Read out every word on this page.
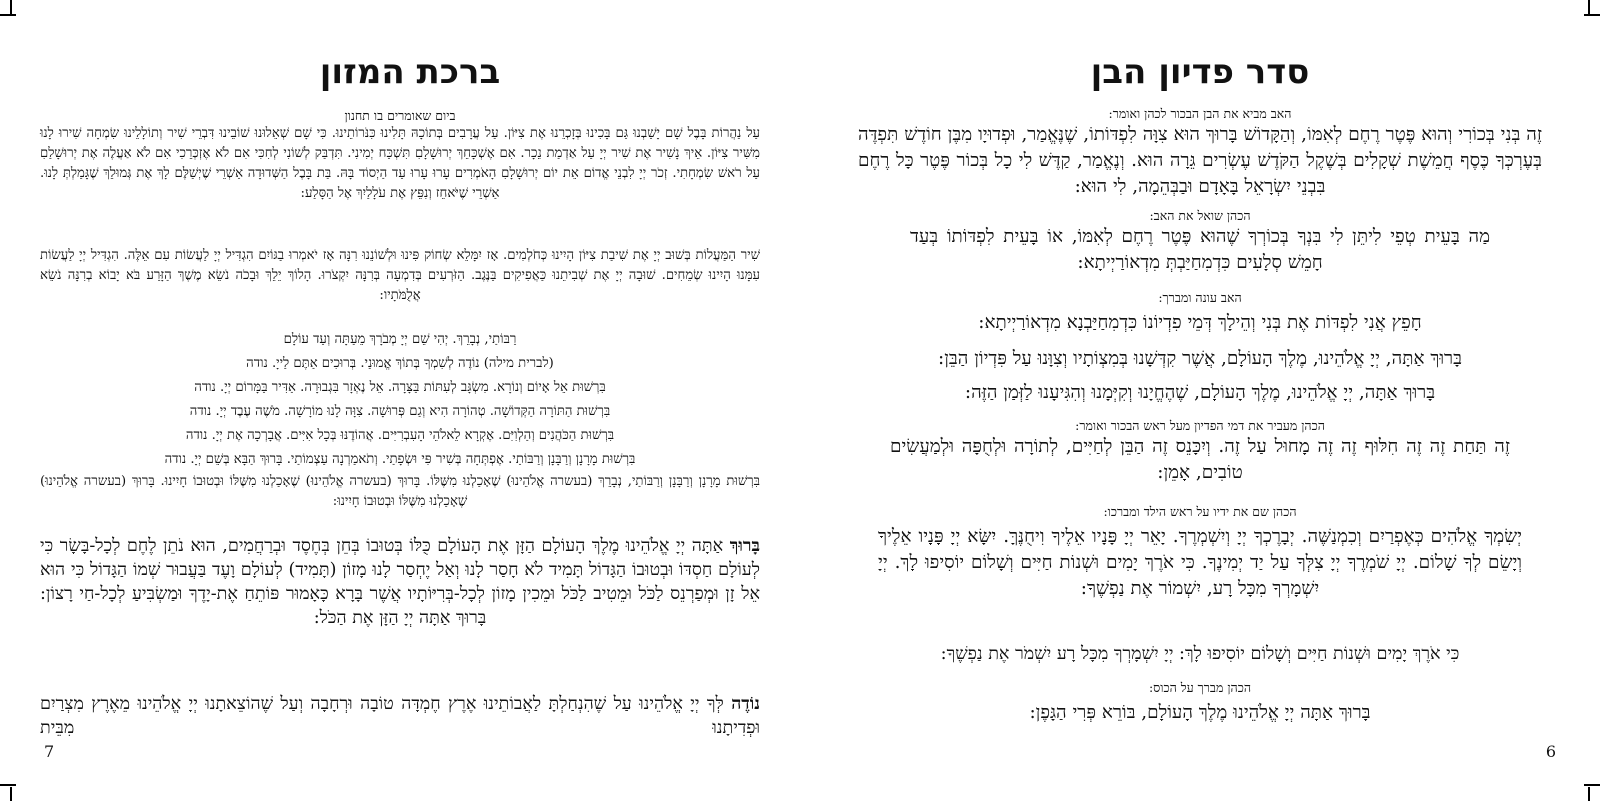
ברכת המזון
ביום שאומרים בו תחנון
עַל נַהֲרוֹת בָּבֶל שָׁם יָשַׁבְנוּ גַּם בָּכִינוּ בְּזָכְרֵנוּ אֶת צִיּוֹן. עַל עֲרָבִים בְּתוֹכָהּ תָּלִינוּ כִּנֹּרוֹתֵינוּ. כִּי שָׁם שְׁאֵלוּנוּ שׁוֹבֵינוּ דִּבְרֵי שִׁיר וְתוֹלָלֵינוּ שִׂמְחָה שִׁירוּ לָנוּ מִשִּׁיר צִיּוֹן. אֵיךְ נָשִׁיר אֶת שִׁיר יְיָ עַל אַדְמַת נֵכָר. אִם אֶשְׁכָּחֵךְ יְרוּשָׁלָםִ תִּשְׁכַּח יְמִינִי. תִּדְבַּק לְשׁוֹנִי לְחִכִּי אִם לֹא אֶזְכְּרֵכִי אִם לֹא אַעֲלֶה אֶת יְרוּשָׁלַםִ עַל רֹאשׁ שִׂמְחָתִי. זְכֹר יְיָ לִבְנֵי אֱדוֹם אֵת יוֹם יְרוּשָׁלָםִ הָאֹמְרִים עָרוּ עָרוּ עַד הַיְסוֹד בָּהּ. בַּת בָּבֶל הַשְּׁדוּדָה אַשְׁרֵי שֶׁיְשַׁלֶּם לָךְ אֶת גְּמוּלֵךְ שֶׁגָּמַלְתְּ לָנוּ. אַשְׁרֵי שֶׁיֹּאחֵז וְנִפֵּץ אֶת עֹלָלַיִךְ אֶל הַסָּלַע:
שִׁיר הַמַּעֲלוֹת בְּשׁוּב יְיָ אֶת שִׁיבַת צִיּוֹן הָיִינוּ כְּחֹלְמִים. אָז יִמָּלֵא שְׂחוֹק פִּינוּ וּלְשׁוֹנֵנוּ רִנָּה אָז יֹאמְרוּ בַגּוֹיִם הִגְדִּיל יְיָ לַעֲשׂוֹת עִם אֵלֶּה. הִגְדִּיל יְיָ לַעֲשׂוֹת עִמָּנוּ הָיִינוּ שְׂמֵחִים. שׁוּבָה יְיָ אֶת שְׁבִיתֵנוּ כַּאֲפִיקִים בַּנֶּגֶב. הַזֹּרְעִים בְּדִמְעָה בְּרִנָּה יִקְצֹרוּ. הָלוֹךְ יֵלֵךְ וּבָכֹה נֹשֵׂא מֶשֶׁךְ הַזָּרַע בֹּא יָבוֹא בְרִנָּה נֹשֵׂא אֲלֻמֹּתָיו:
רַבּוֹתַי, נְבָרֵךְ. יְהִי שֵׁם יְיָ מְבֹרָךְ מֵעַתָּה וְעַד עוֹלָם
(לברית מילה) נוֹדֶה לְשִׁמְךָ בְּתוֹךְ אֱמוּנַי. בְּרוּכִים אַתֶּם לַייָ. נודה
בִּרְשׁוּת אֵל אָיוֹם וְנוֹרָא. מִשְׂגָּב לְעִתּוֹת בַּצָּרָה. אֵל נֶאְזָר בִּגְבוּרָה. אַדִּיר בַּמָּרוֹם יְיָ. נודה
בִּרְשׁוּת הַתּוֹרָה הַקְּדוֹשָׁה. טְהוֹרָה הִיא וְגַם פְּרוּשָׁה. צִוָּה לָנוּ מוֹרָשָׁה. מֹשֶׁה עֶבֶד יְיָ. נודה
בִּרְשׁוּת הַכֹּהֲנִים וְהַלְוִיִּם. אֶקְרָא לֵאלֹהֵי הָעִבְרִיִּים. אֲהוֹדֶנּוּ בְּכָל אִיִּים. אֲבָרְכָה אֶת יְיָ. נודה
בִּרְשׁוּת מָרָנָן וְרַבָּנָן וְרַבּוֹתַי. אֶפְתְּחָה בְּשִׁיר פִּי וּשְׂפָתַי. וְתֹאמַרְנָה עַצְמוֹתַי. בָּרוּךְ הַבָּא בְּשֵׁם יְיָ. נודה
בִּרְשׁוּת מָרָנָן וְרַבָּנָן וְרַבּוֹתַי, נְבָרֵךְ (בעשרה אֱלֹהֵינוּ) שֶׁאָכַלְנוּ מִשֶּׁלּוֹ. בָּרוּךְ (בעשרה אֱלֹהֵינוּ) שֶׁאָכַלְנוּ מִשֶּׁלּוֹ וּבְטוּבוֹ חָיִינוּ. בָּרוּךְ (בעשרה אֱלֹהֵינוּ) שֶׁאָכַלְנוּ מִשֶּׁלּוֹ וּבְטוּבוֹ חָיִינוּ:
בָּרוּךְ אַתָּה יְיָ אֱלֹהֵינוּ מֶלֶךְ הָעוֹלָם הַזָּן אֶת הָעוֹלָם כֻּלּוֹ בְּטוּבוֹ בְּחֵן בְּחֶסֶד וּבְרַחֲמִים, הוּא נֹתֵן לֶחֶם לְכָל-בָּשָׂר כִּי לְעוֹלָם חַסְדּוֹ וּבְטוּבוֹ הַגָּדוֹל תָּמִיד לֹא חָסַר לָנוּ וְאַל יֶחְסַר לָנוּ מָזוֹן (תָּמִיד) לְעוֹלָם וָעֶד בַּעֲבוּר שְׁמוֹ הַגָּדוֹל כִּי הוּא אֵל זָן וּמְפַרְנֵס לַכֹּל וּמֵטִיב לַכֹּל וּמֵכִין מָזוֹן לְכָל-בְּרִיּוֹתָיו אֲשֶׁר בָּרָא כָּאָמוּר פּוֹתֵחַ אֶת-יָדֶךָ וּמַשְׂבִּיעַ לְכָל-חַי רָצוֹן: בָּרוּךְ אַתָּה יְיָ הַזָּן אֶת הַכֹּל:
נוֹדֶה לְּךָ יְיָ אֱלֹהֵינוּ עַל שֶׁהִנְחַלְתָּ לַאֲבוֹתֵינוּ אֶרֶץ חֶמְדָּה טוֹבָה וּרְחָבָה וְעַל שֶׁהוֹצֵאתָנוּ יְיָ אֱלֹהֵינוּ מֵאֶרֶץ מִצְרַיִם וּפְדִיתָנוּ מִבֵּית
7
סדר פדיון הבן
האב מביא את הבן הבכור לכהן ואומר:
זֶה בְּנִי בְּכוֹרִי וְהוּא פֶּטֶר רֶחֶם לְאִמּוֹ, וְהַקָּדוֹשׁ בָּרוּךְ הוּא צִוָּה לִפְדּוֹתוֹ, שֶׁנֶּאֱמַר, וּפְדוּיָו מִבֶּן חוֹדֶשׁ תִּפְדֶּה בְּעֶרְכְּךָ כֶּסֶף חֲמֵשֶׁת שְׁקָלִים בְּשֶׁקֶל הַקֹּדֶשׁ עֶשְׂרִים גֵּרָה הוּא. וְנֶאֱמַר, קַדֶּשׁ לִי כָל בְּכוֹר פֶּטֶר כָּל רֶחֶם בִּבְנֵי יִשְׂרָאֵל בָּאָדָם וּבַבְּהֵמָה, לִי הוּא:
הכהן שואל את האב:
מַה בָּעֵית טְפֵי לִיתֵּן לִי בִּנְךָ בְּכוֹרְךָ שֶׁהוּא פֶּטֶר רֶחֶם לְאִמּוֹ, אוֹ בָּעֵית לִפְדּוֹתוֹ בְּעַד חָמֵשׁ סְלָעִים כִּדְמִחַיַּבְתְּ מִדְאוֹרַיְיתָא:
האב עונה ומברך:
חָפֵץ אֲנִי לִפְדּוֹת אֶת בְּנִי וְהֵילָךְ דְּמֵי פִדְיוֹנוֹ כִּדְמִחַיַּבְנָא מִדְאוֹרַיְיתָא:
בָּרוּךְ אַתָּה, יְיָ אֱלֹהֵינוּ, מֶלֶךְ הָעוֹלָם, אֲשֶׁר קִדְּשָׁנוּ בְּמִצְוֹתָיו וְצִוָּנוּ עַל פִּדְיוֹן הַבֵּן:
בָּרוּךְ אַתָּה, יְיָ אֱלֹהֵינוּ, מֶלֶךְ הָעוֹלָם, שֶׁהֶחֱיָנוּ וְקִיְּמָנוּ וְהִגִּיעָנוּ לַזְּמַן הַזֶּה:
הכהן מעביר את דמי הפדיון מעל ראש הבכור ואומר:
זֶה תַּחַת זֶה זֶה חִלּוּף זֶה זֶה מָחוּל עַל זֶה. וְיִכָּנֵס זֶה הַבֵּן לְחַיִּים, לְתוֹרָה וּלְחֻפָּה וּלְמַעֲשִׂים טוֹבִים, אָמֵן:
הכהן שם את ידיו על ראש הילד ומברכו:
יְשִׂמְךָ אֱלֹהִים כְּאֶפְרַיִם וְכִמְנַשֶּׁה. יְבָרֶכְךָ יְיָ וְיִשְׁמְרֶךָ. יָאֵר יְיָ פָּנָיו אֵלֶיךָ וִיחֻנֶּךָּ. יִשָּׂא יְיָ פָּנָיו אֵלֶיךָ וְיָשֵׂם לְךָ שָׁלוֹם. יְיָ שֹׁמְרֶךָ יְיָ צִלְּךָ עַל יַד יְמִינֶךָ. כִּי אֹרֶךְ יָמִים וּשְׁנוֹת חַיִּים וְשָׁלוֹם יוֹסִיפוּ לָךְ. יְיָ יִשְׁמָרְךָ מִכָּל רָע, יִשְׁמוֹר אֶת נַפְשֶׁךָ:
כִּי אֹרֶךְ יָמִים וּשְׁנוֹת חַיִּים וְשָׁלוֹם יוֹסִיפוּ לָךְ: יְיָ יִשְׁמָרְךָ מִכָּל רָע יִשְׁמֹר אֶת נַפְשֶׁךָ:
הכהן מברך על הכוס:
בָּרוּךְ אַתָּה יְיָ אֱלֹהֵינוּ מֶלֶךְ הָעוֹלָם, בּוֹרֵא פְּרִי הַגָּפֶן:
6
